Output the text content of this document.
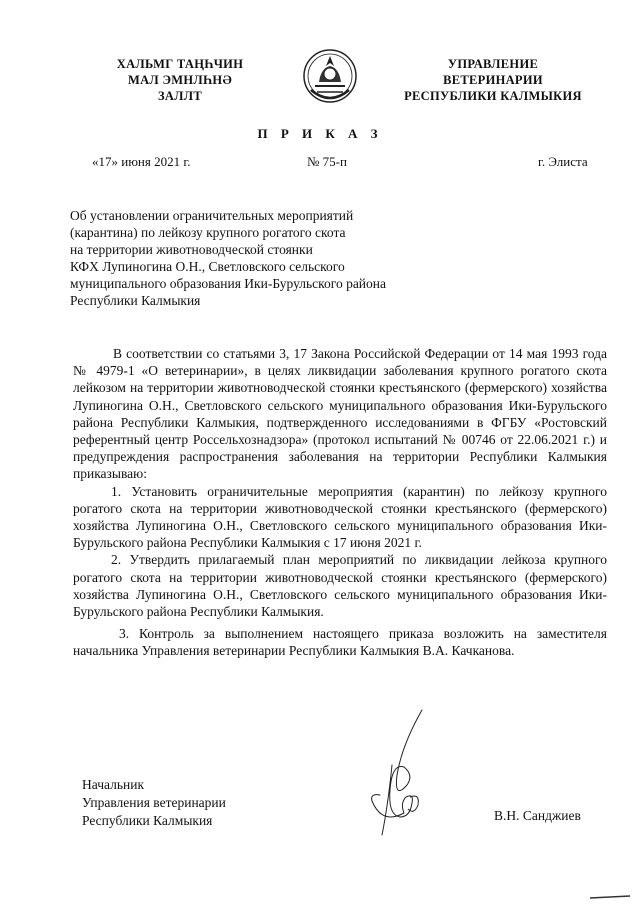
ХАЛЬМГ ТАҢҺЧИН
МАЛ ЭМНЛҺНӘ
ЗАЛЛТ
УПРАВЛЕНИЕ
ВЕТЕРИНАРИИ
РЕСПУБЛИКИ КАЛМЫКИЯ
П Р И К А З
«17» июня 2021 г.	№ 75-п	г. Элиста
Об установлении ограничительных мероприятий
(карантина) по лейкозу крупного рогатого скота
на территории животноводческой стоянки
КФХ Лупиногина О.Н., Светловского сельского
муниципального образования Ики-Бурульского района
Республики Калмыкия

В соответствии со статьями 3, 17 Закона Российской Федерации от 14 мая 1993 года № 4979-1 «О ветеринарии», в целях ликвидации заболевания крупного рогатого скота лейкозом на территории животноводческой стоянки крестьянского (фермерского) хозяйства Лупиногина О.Н., Светловского сельского муниципального образования Ики-Бурульского района Республики Калмыкия, подтвержденного исследованиями в ФГБУ «Ростовский референтный центр Россельхознадзора» (протокол испытаний № 00746 от 22.06.2021 г.) и предупреждения распространения заболевания на территории Республики Калмыкия приказываю:

1. Установить ограничительные мероприятия (карантин) по лейкозу крупного рогатого скота на территории животноводческой стоянки крестьянского (фермерского) хозяйства Лупиногина О.Н., Светловского сельского муниципального образования Ики-Бурульского района Республики Калмыкия с 17 июня 2021 г.

2. Утвердить прилагаемый план мероприятий по ликвидации лейкоза крупного рогатого скота на территории животноводческой стоянки крестьянского (фермерского) хозяйства Лупиногина О.Н., Светловского сельского муниципального образования Ики-Бурульского района Республики Калмыкия.

3. Контроль за выполнением настоящего приказа возложить на заместителя начальника Управления ветеринарии Республики Калмыкия В.А. Качканова.

Начальник
Управления ветеринарии
Республики Калмыкия	В.Н. Санджиев
